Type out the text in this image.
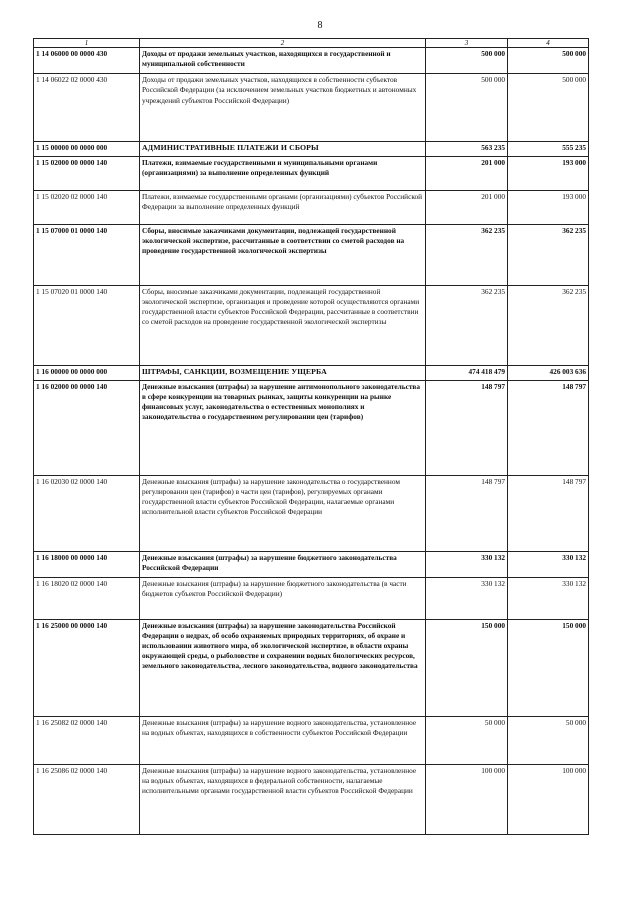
8
1	2	3	4
1 14 06000 00 0000 430	Доходы от продажи земельных участков, находящихся в государственной и муниципальной собственности	500 000	500 000
1 14 06022 02 0000 430	Доходы от продажи земельных участков, находящихся в собственности субъектов Российской Федерации (за исключением земельных участков бюджетных и автономных учреждений субъектов Российской Федерации)	500 000	500 000
1 15 00000 00 0000 000	АДМИНИСТРАТИВНЫЕ ПЛАТЕЖИ И СБОРЫ	563 235	555 235
1 15 02000 00 0000 140	Платежи, взимаемые государственными и муниципальными органами (организациями) за выполнение определенных функций	201 000	193 000
1 15 02020 02 0000 140	Платежи, взимаемые государственными органами (организациями) субъектов Российской Федерации за выполнение определенных функций	201 000	193 000
1 15 07000 01 0000 140	Сборы, вносимые заказчиками документации, подлежащей государственной экологической экспертизе, рассчитанные в соответствии со сметой расходов на проведение государственной экологической экспертизы	362 235	362 235
1 15 07020 01 0000 140	Сборы, вносимые заказчиками документации, подлежащей государственной экологической экспертизе, организация и проведение которой осуществляются органами государственной власти субъектов Российской Федерации, рассчитанные в соответствии со сметой расходов на проведение государственной экологической экспертизы	362 235	362 235
1 16 00000 00 0000 000	ШТРАФЫ, САНКЦИИ, ВОЗМЕЩЕНИЕ УЩЕРБА	474 418 479	426 003 636
1 16 02000 00 0000 140	Денежные взыскания (штрафы) за нарушение антимонопольного законодательства в сфере конкуренции на товарных рынках, защиты конкуренции на рынке финансовых услуг, законодательства о естественных монополиях и законодательства о государственном регулировании цен (тарифов)	148 797	148 797
1 16 02030 02 0000 140	Денежные взыскания (штрафы) за нарушение законодательства о государственном регулировании цен (тарифов) в части цен (тарифов), регулируемых органами государственной власти субъектов Российской Федерации, налагаемые органами исполнительной власти субъектов Российской Федерации	148 797	148 797
1 16 18000 00 0000 140	Денежные взыскания (штрафы) за нарушение бюджетного законодательства Российской Федерации	330 132	330 132
1 16 18020 02 0000 140	Денежные взыскания (штрафы) за нарушение бюджетного законодательства (в части бюджетов субъектов Российской Федерации)	330 132	330 132
1 16 25000 00 0000 140	Денежные взыскания (штрафы) за нарушение законодательства Российской Федерации о недрах, об особо охраняемых природных территориях, об охране и использовании животного мира, об экологической экспертизе, в области охраны окружающей среды, о рыболовстве и сохранении водных биологических ресурсов, земельного законодательства, лесного законодательства, водного законодательства	150 000	150 000
1 16 25082 02 0000 140	Денежные взыскания (штрафы) за нарушение водного законодательства, установленное на водных объектах, находящихся в собственности субъектов Российской Федерации	50 000	50 000
1 16 25086 02 0000 140	Денежные взыскания (штрафы) за нарушение водного законодательства, установленное на водных объектах, находящихся в федеральной собственности, налагаемые исполнительными органами государственной власти субъектов Российской Федерации	100 000	100 000
